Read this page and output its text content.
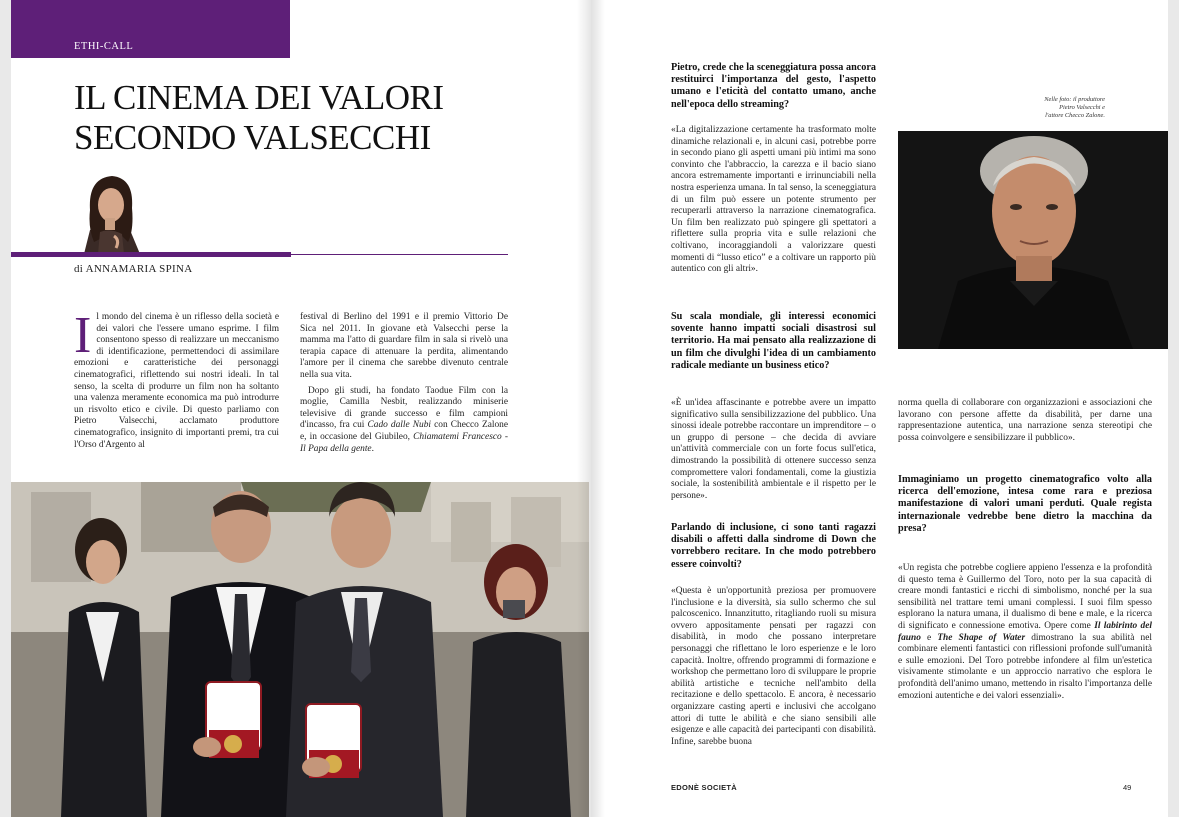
ETHI-CALL
IL CINEMA DEI VALORI
SECONDO VALSECCHI
di ANNAMARIA SPINA
I l mondo del cinema è un riflesso della società e dei valori che l'essere umano esprime. I film consentono spesso di realizzare un meccanismo di identificazione, permettendoci di assimilare emozioni e caratteristiche dei personaggi cinematografici, riflettendo sui nostri ideali. In tal senso, la scelta di produrre un film non ha soltanto una valenza meramente economica ma può introdurre un risvolto etico e civile. Di questo parliamo con Pietro Valsecchi, acclamato produttore cinematografico, insignito di importanti premi, tra cui l'Orso d'Argento al

festival di Berlino del 1991 e il premio Vittorio De Sica nel 2011. In giovane età Valsecchi perse la mamma ma l'atto di guardare film in sala si rivelò una terapia capace di attenuare la perdita, alimentando l'amore per il cinema che sarebbe divenuto centrale nella sua vita.

Dopo gli studi, ha fondato Taodue Film con la moglie, Camilla Nesbit, realizzando miniserie televisive di grande successo e film campioni d'incasso, fra cui Cado dalle Nubi con Checco Zalone e, in occasione del Giubileo, Chiamatemi Francesco - Il Papa della gente.

Pietro, crede che la sceneggiatura possa ancora restituirci l'importanza del gesto, l'aspetto umano e l'eticità del contatto umano, anche nell'epoca dello streaming?

«La digitalizzazione certamente ha trasformato molte dinamiche relazionali e, in alcuni casi, potrebbe porre in secondo piano gli aspetti umani più intimi ma sono convinto che l'abbraccio, la carezza e il bacio siano ancora estremamente importanti e irrinunciabili nella nostra esperienza umana. In tal senso, la sceneggiatura di un film può essere un potente strumento per recuperarli attraverso la narrazione cinematografica. Un film ben realizzato può spingere gli spettatori a riflettere sulla propria vita e sulle relazioni che coltivano, incoraggiandoli a valorizzare questi momenti di “lusso etico” e a coltivare un rapporto più autentico con gli altri».

Su scala mondiale, gli interessi economici sovente hanno impatti sociali disastrosi sul territorio. Ha mai pensato alla realizzazione di un film che divulghi l'idea di un cambiamento radicale mediante un business etico?

«È un'idea affascinante e potrebbe avere un impatto significativo sulla sensibilizzazione del pubblico. Una sinossi ideale potrebbe raccontare un imprenditore – o un gruppo di persone – che decida di avviare un'attività commerciale con un forte focus sull'etica, dimostrando la possibilità di ottenere successo senza compromettere valori fondamentali, come la giustizia sociale, la sostenibilità ambientale e il rispetto per le persone».

Parlando di inclusione, ci sono tanti ragazzi disabili o affetti dalla sindrome di Down che vorrebbero recitare. In che modo potrebbero essere coinvolti?

«Questa è un'opportunità preziosa per promuovere l'inclusione e la diversità, sia sullo schermo che sul palcoscenico. Innanzitutto, ritagliando ruoli su misura ovvero appositamente pensati per ragazzi con disabilità, in modo che possano interpretare personaggi che riflettano le loro esperienze e le loro capacità. Inoltre, offrendo programmi di formazione e workshop che permettano loro di sviluppare le proprie abilità artistiche e tecniche nell'ambito della recitazione e dello spettacolo. E ancora, è necessario organizzare casting aperti e inclusivi che accolgano attori di tutte le abilità e che siano sensibili alle esigenze e alle capacità dei partecipanti con disabilità. Infine, sarebbe buona

Nelle foto: il produttore
Pietro Valsecchi e
l'attore Checco Zalone.

norma quella di collaborare con organizzazioni e associazioni che lavorano con persone affette da disabilità, per darne una rappresentazione autentica, una narrazione senza stereotipi che possa coinvolgere e sensibilizzare il pubblico».

Immaginiamo un progetto cinematografico volto alla ricerca dell'emozione, intesa come rara e preziosa manifestazione di valori umani perduti. Quale regista internazionale vedrebbe bene dietro la macchina da presa?

«Un regista che potrebbe cogliere appieno l'essenza e la profondità di questo tema è Guillermo del Toro, noto per la sua capacità di creare mondi fantastici e ricchi di simbolismo, nonché per la sua sensibilità nel trattare temi umani complessi. I suoi film spesso esplorano la natura umana, il dualismo di bene e male, e la ricerca di significato e connessione emotiva. Opere come Il labirinto del fauno e The Shape of Water dimostrano la sua abilità nel combinare elementi fantastici con riflessioni profonde sull'umanità e sulle emozioni. Del Toro potrebbe infondere al film un'estetica visivamente stimolante e un approccio narrativo che esplora le profondità dell'animo umano, mettendo in risalto l'importanza delle emozioni autentiche e dei valori essenziali».

EDONÈ SOCIETÀ	49
